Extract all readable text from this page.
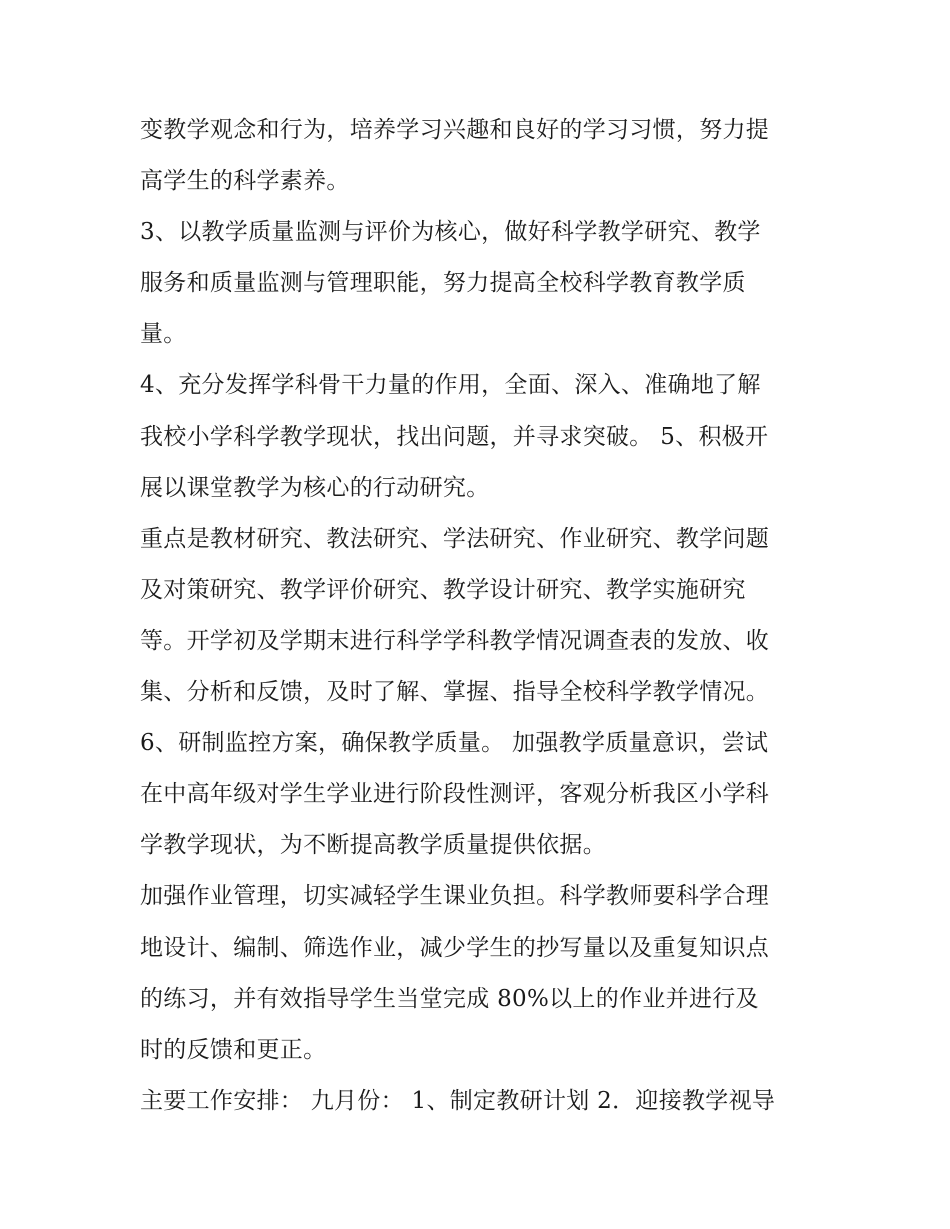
变教学观念和行为，培养学习兴趣和良好的学习习惯，努力提
高学生的科学素养。
3、以教学质量监测与评价为核心，做好科学教学研究、教学
服务和质量监测与管理职能，努力提高全校科学教育教学质
量。
4、充分发挥学科骨干力量的作用，全面、深入、准确地了解
我校小学科学教学现状，找出问题，并寻求突破。 5、积极开
展以课堂教学为核心的行动研究。
重点是教材研究、教法研究、学法研究、作业研究、教学问题
及对策研究、教学评价研究、教学设计研究、教学实施研究
等。开学初及学期末进行科学学科教学情况调查表的发放、收
集、分析和反馈，及时了解、掌握、指导全校科学教学情况。
6、研制监控方案，确保教学质量。 加强教学质量意识，尝试
在中高年级对学生学业进行阶段性测评，客观分析我区小学科
学教学现状，为不断提高教学质量提供依据。
加强作业管理，切实减轻学生课业负担。科学教师要科学合理
地设计、编制、筛选作业，减少学生的抄写量以及重复知识点
的练习，并有效指导学生当堂完成 80%以上的作业并进行及
时的反馈和更正。
主要工作安排： 九月份： 1、制定教研计划 2．迎接教学视导
